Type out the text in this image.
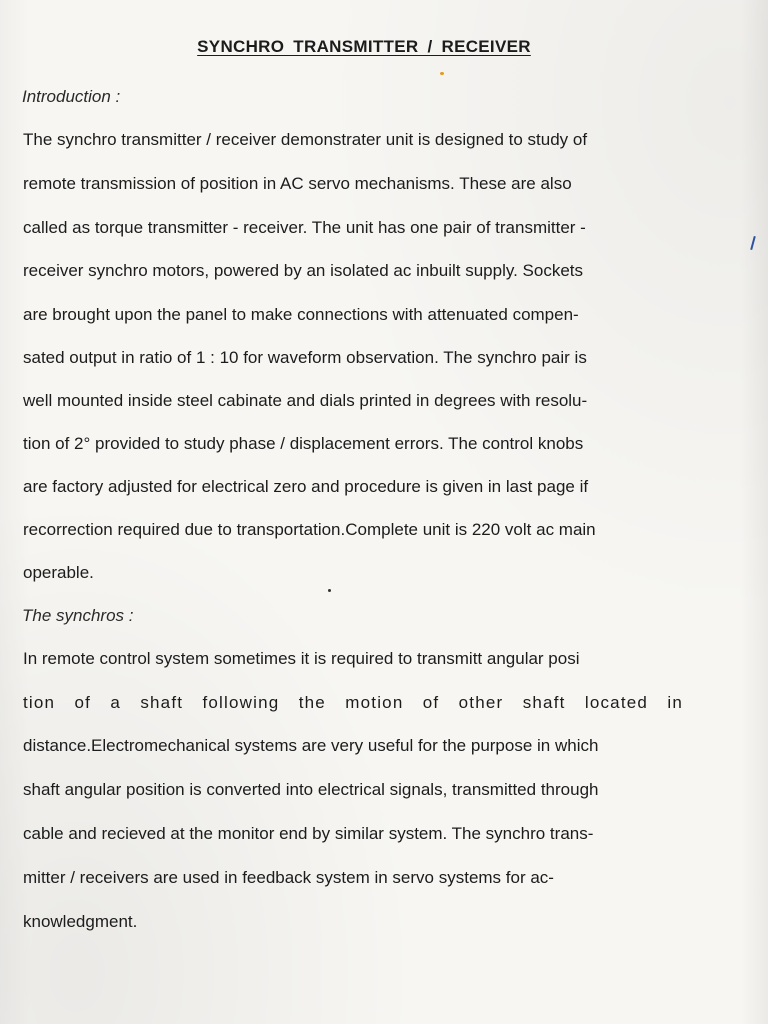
SYNCHRO TRANSMITTER / RECEIVER
Introduction :
The synchro transmitter / receiver demonstrater unit is designed to study of
remote transmission of position in AC servo mechanisms. These are also
called as torque transmitter - receiver. The unit has one pair of transmitter -
receiver synchro motors, powered by an isolated ac inbuilt supply. Sockets
are brought upon the panel to make connections with attenuated compen-
sated output in ratio of 1 : 10 for waveform observation. The synchro pair is
well mounted inside steel cabinate and dials printed in degrees with resolu-
tion of 2° provided to study phase / displacement errors. The control knobs
are factory adjusted for electrical zero and procedure is given in last page if
recorrection required due to transportation.Complete unit is 220 volt ac main
operable.
The synchros :
In remote control system sometimes it is required to transmitt angular posi
tion of a shaft following the motion of other shaft located in
distance.Electromechanical systems are very useful for the purpose in which
shaft angular position is converted into electrical signals, transmitted through
cable and recieved at the monitor end by similar system. The synchro trans-
mitter / receivers are used in feedback system in servo systems for ac-
knowledgment.
